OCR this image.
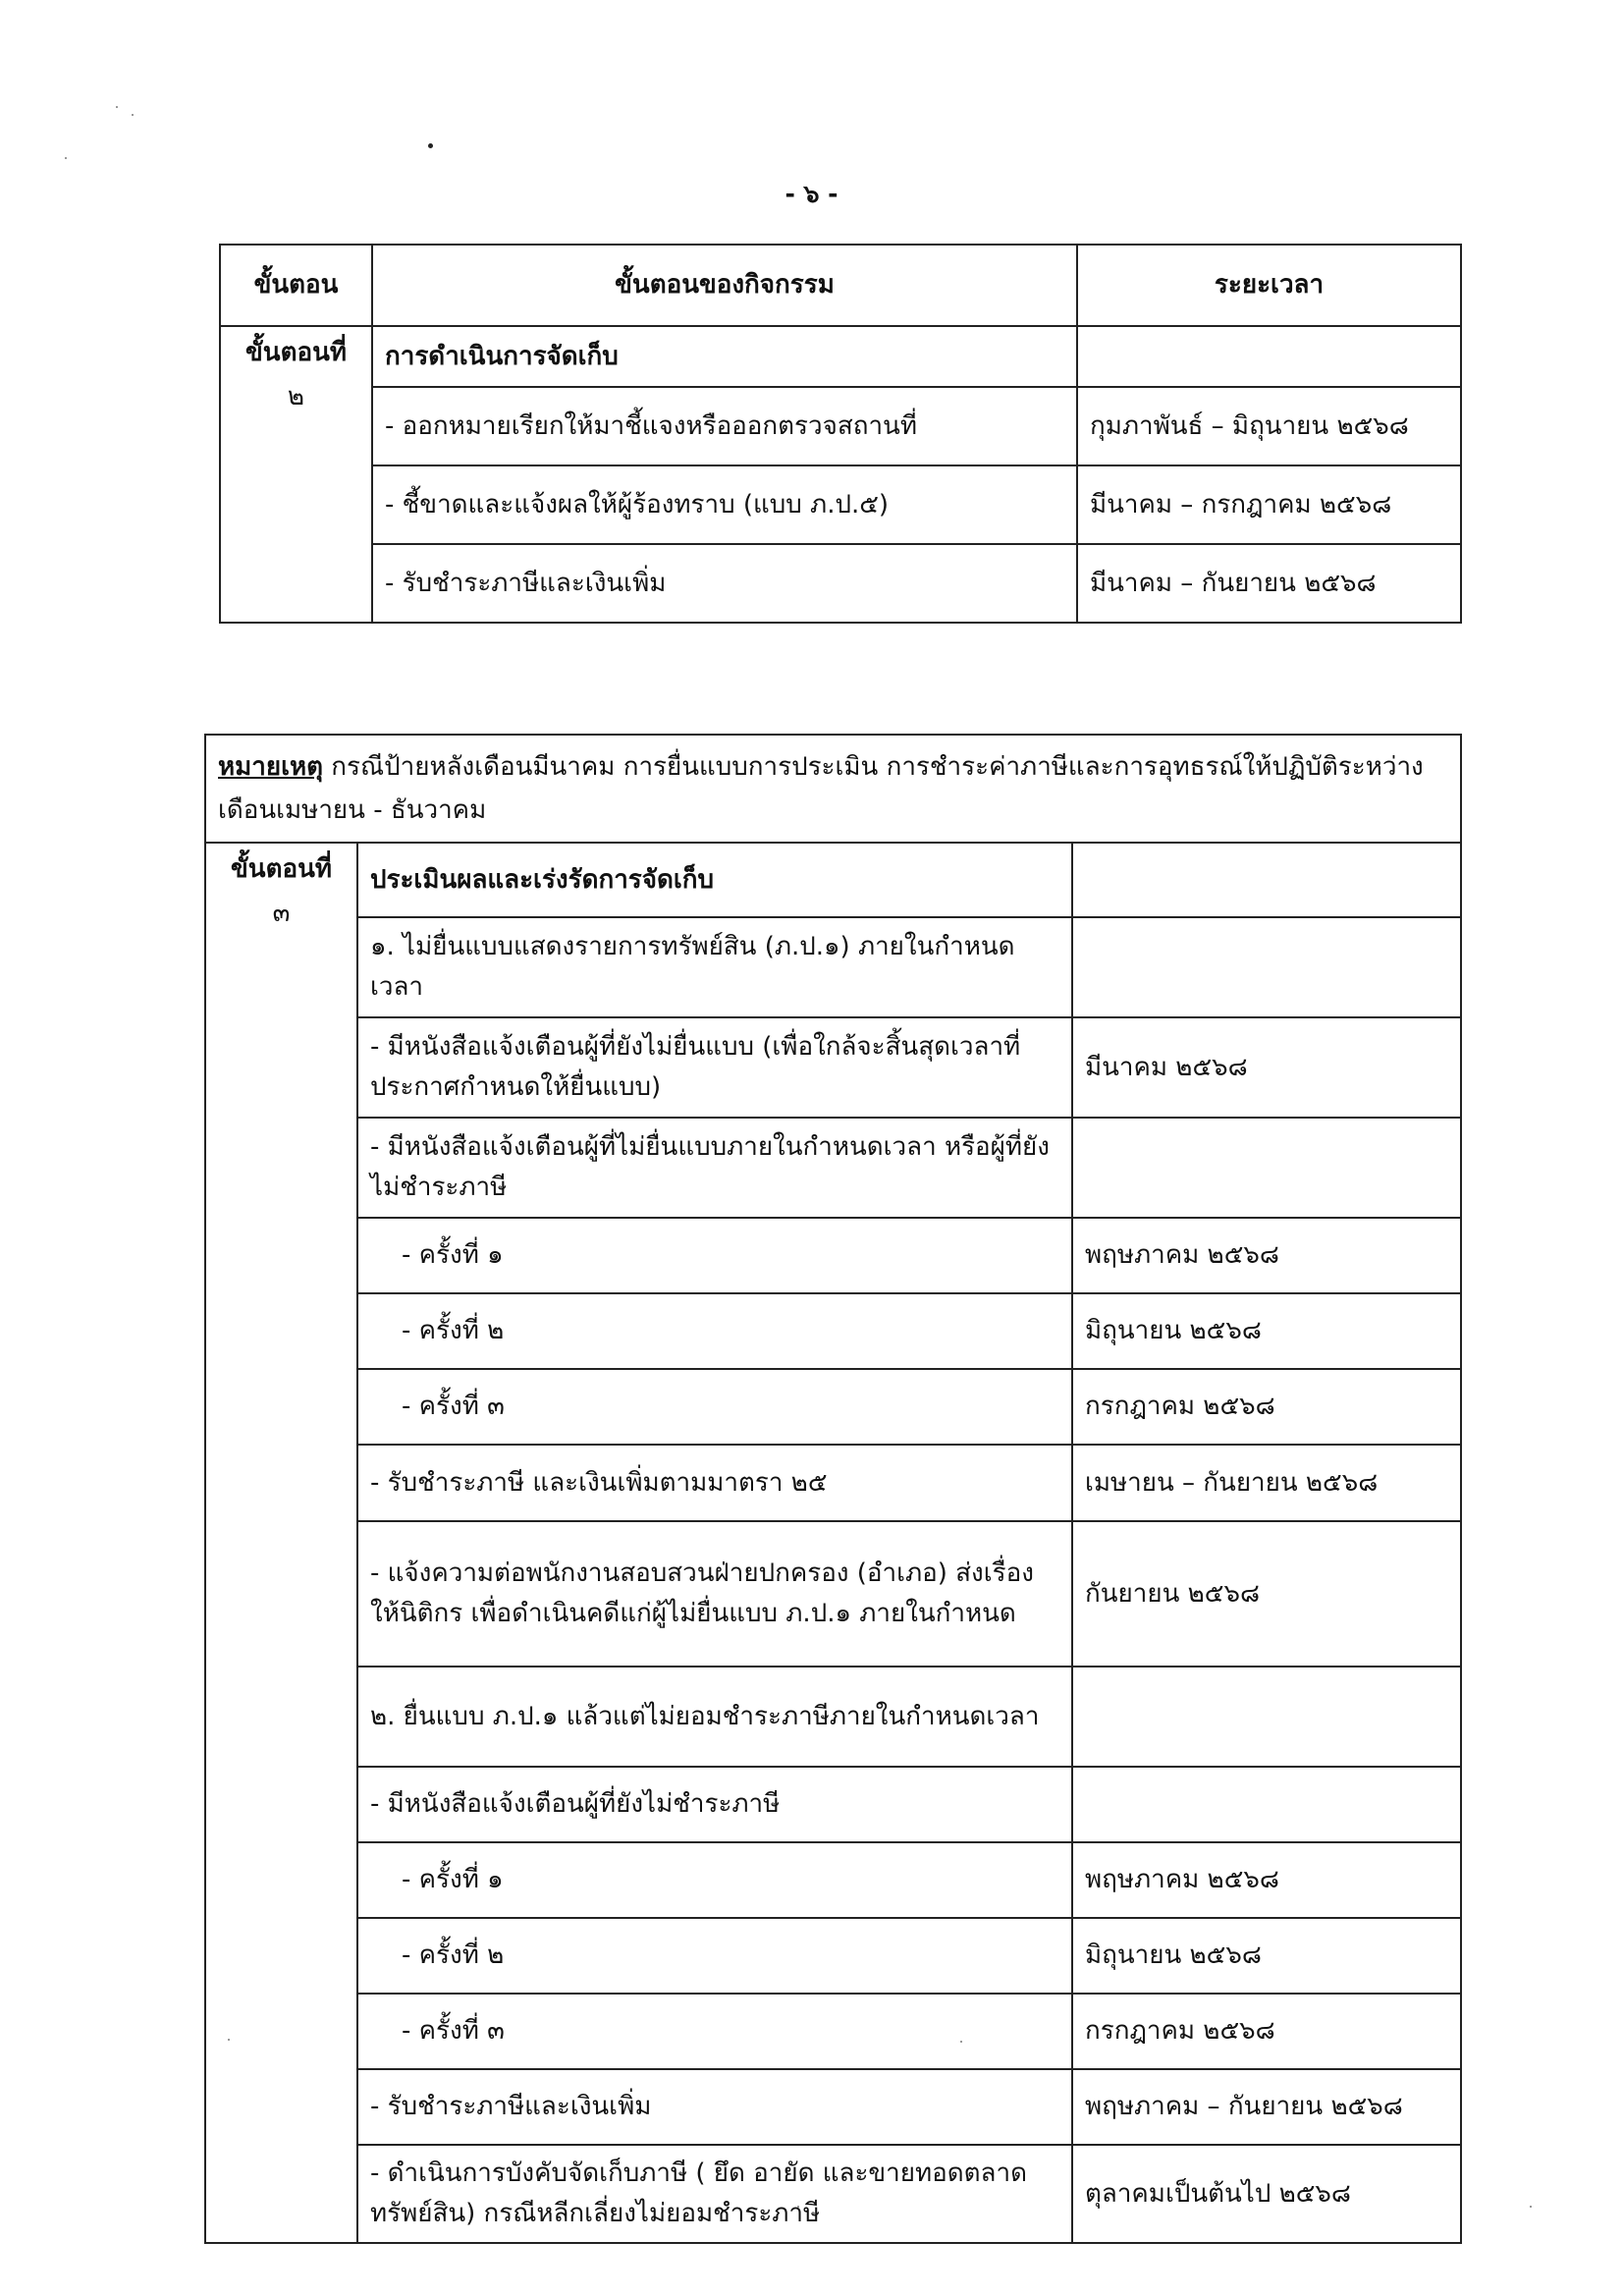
- ๖ -
ขั้นตอน	ขั้นตอนของกิจกรรม	ระยะเวลา
ขั้นตอนที่
๒	การดำเนินการจัดเก็บ	
	- ออกหมายเรียกให้มาชี้แจงหรือออกตรวจสถานที่	กุมภาพันธ์ – มิถุนายน ๒๕๖๘
	- ชี้ขาดและแจ้งผลให้ผู้ร้องทราบ (แบบ ภ.ป.๕)	มีนาคม – กรกฎาคม ๒๕๖๘
	- รับชำระภาษีและเงินเพิ่ม	มีนาคม – กันยายน ๒๕๖๘
หมายเหตุ กรณีป้ายหลังเดือนมีนาคม การยื่นแบบการประเมิน การชำระค่าภาษีและการอุทธรณ์ให้ปฏิบัติระหว่าง เดือนเมษายน - ธันวาคม		
ขั้นตอนที่
๓	ประเมินผลและเร่งรัดการจัดเก็บ	
	๑. ไม่ยื่นแบบแสดงรายการทรัพย์สิน (ภ.ป.๑) ภายในกำหนดเวลา	
	- มีหนังสือแจ้งเตือนผู้ที่ยังไม่ยื่นแบบ (เพื่อใกล้จะสิ้นสุดเวลาที่ประกาศกำหนดให้ยื่นแบบ)	มีนาคม ๒๕๖๘
	- มีหนังสือแจ้งเตือนผู้ที่ไม่ยื่นแบบภายในกำหนดเวลา หรือผู้ที่ยังไม่ชำระภาษี	
	- ครั้งที่ ๑	พฤษภาคม ๒๕๖๘
	- ครั้งที่ ๒	มิถุนายน ๒๕๖๘
	- ครั้งที่ ๓	กรกฎาคม ๒๕๖๘
	- รับชำระภาษี และเงินเพิ่มตามมาตรา ๒๕	เมษายน – กันยายน ๒๕๖๘
	- แจ้งความต่อพนักงานสอบสวนฝ่ายปกครอง (อำเภอ) ส่งเรื่องให้นิติกร เพื่อดำเนินคดีแก่ผู้ไม่ยื่นแบบ ภ.ป.๑ ภายในกำหนด	กันยายน ๒๕๖๘
	๒. ยื่นแบบ ภ.ป.๑ แล้วแต่ไม่ยอมชำระภาษีภายในกำหนดเวลา	
	- มีหนังสือแจ้งเตือนผู้ที่ยังไม่ชำระภาษี	
	- ครั้งที่ ๑	พฤษภาคม ๒๕๖๘
	- ครั้งที่ ๒	มิถุนายน ๒๕๖๘
	- ครั้งที่ ๓	กรกฎาคม ๒๕๖๘
	- รับชำระภาษีและเงินเพิ่ม	พฤษภาคม – กันยายน ๒๕๖๘
	- ดำเนินการบังคับจัดเก็บภาษี ( ยึด อายัด และขายทอดตลาดทรัพย์สิน) กรณีหลีกเลี่ยงไม่ยอมชำระภาษี	ตุลาคมเป็นต้นไป ๒๕๖๘
